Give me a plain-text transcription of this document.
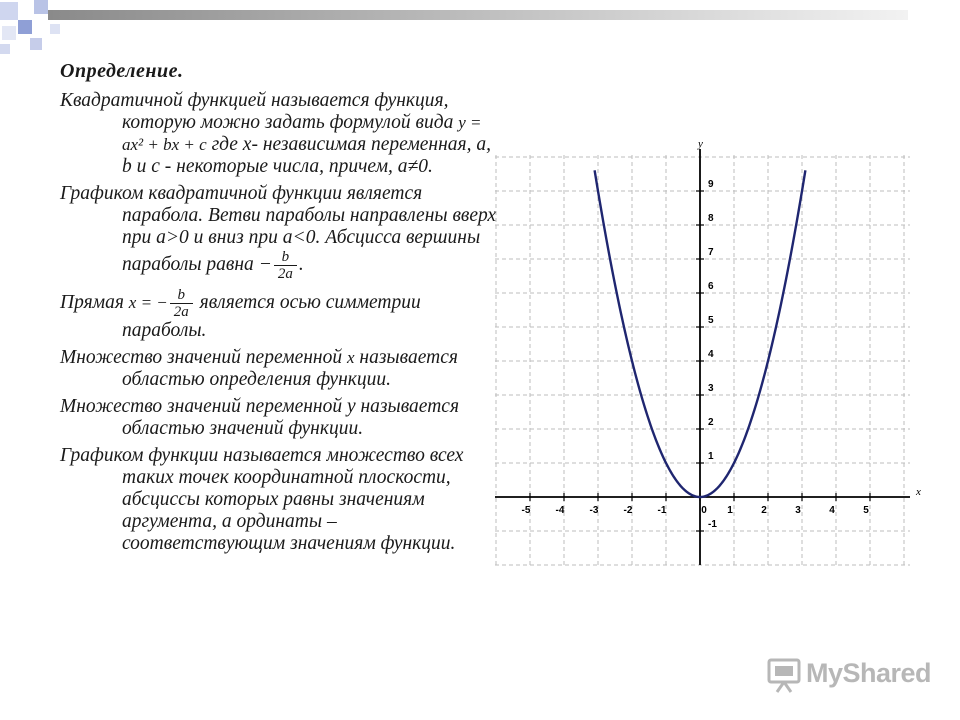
Определение.
Квадратичной функцией называется функция, которую можно задать формулой вида y = ax² + bx + c где x- независимая переменная, a, b и c - некоторые числа, причем, a≠0.
Графиком квадратичной функции является парабола. Ветви параболы направлены вверх при a>0 и вниз при a<0. Абсцисса вершины параболы равна − $\frac{b}{2a}$ .
Прямая x = − $\frac{b}{2a}$ является осью симметрии параболы.
Множество значений переменной x называется областью определения функции.
Множество значений переменной y называется областью значений функции.
Графиком функции называется множество всех таких точек координатной плоскости, абсциссы которых равны значениям аргумента, а ординаты – соответствующим значениям функции.
-5	-4	-3	-2	-1	0 1	2	3	4	5
-1
1
2
3
4
5
6
7
8
9
x
y
MyShared
